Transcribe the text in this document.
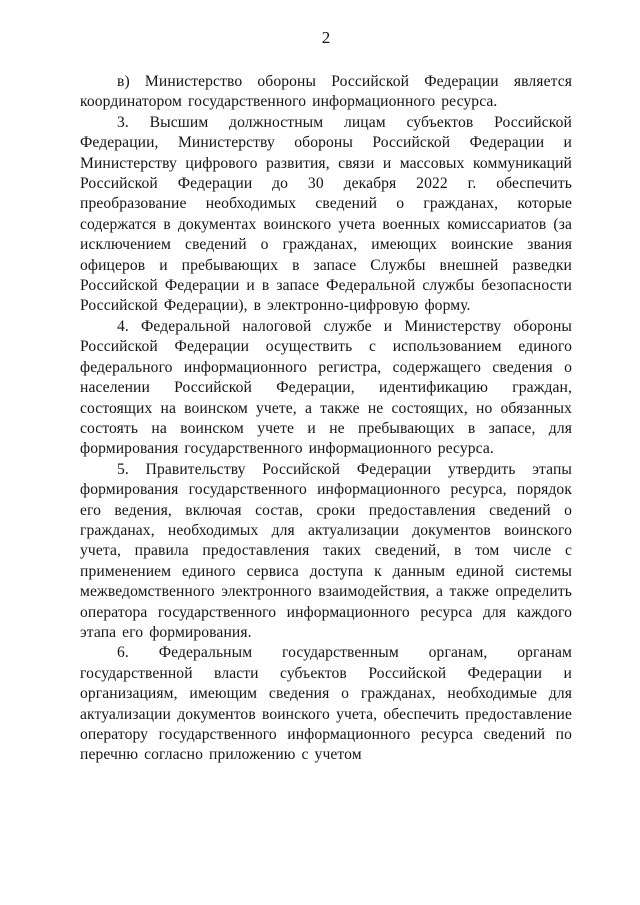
2

в) Министерство обороны Российской Федерации является координатором государственного информационного ресурса.

3. Высшим должностным лицам субъектов Российской Федерации, Министерству обороны Российской Федерации и Министерству цифрового развития, связи и массовых коммуникаций Российской Федерации до 30 декабря 2022 г. обеспечить преобразование необходимых сведений о гражданах, которые содержатся в документах воинского учета военных комиссариатов (за исключением сведений о гражданах, имеющих воинские звания офицеров и пребывающих в запасе Службы внешней разведки Российской Федерации и в запасе Федеральной службы безопасности Российской Федерации), в электронно-цифровую форму.

4. Федеральной налоговой службе и Министерству обороны Российской Федерации осуществить с использованием единого федерального информационного регистра, содержащего сведения о населении Российской Федерации, идентификацию граждан, состоящих на воинском учете, а также не состоящих, но обязанных состоять на воинском учете и не пребывающих в запасе, для формирования государственного информационного ресурса.

5. Правительству Российской Федерации утвердить этапы формирования государственного информационного ресурса, порядок его ведения, включая состав, сроки предоставления сведений о гражданах, необходимых для актуализации документов воинского учета, правила предоставления таких сведений, в том числе с применением единого сервиса доступа к данным единой системы межведомственного электронного взаимодействия, а также определить оператора государственного информационного ресурса для каждого этапа его формирования.

6. Федеральным государственным органам, органам государственной власти субъектов Российской Федерации и организациям, имеющим сведения о гражданах, необходимые для актуализации документов воинского учета, обеспечить предоставление оператору государственного информационного ресурса сведений по перечню согласно приложению с учетом
